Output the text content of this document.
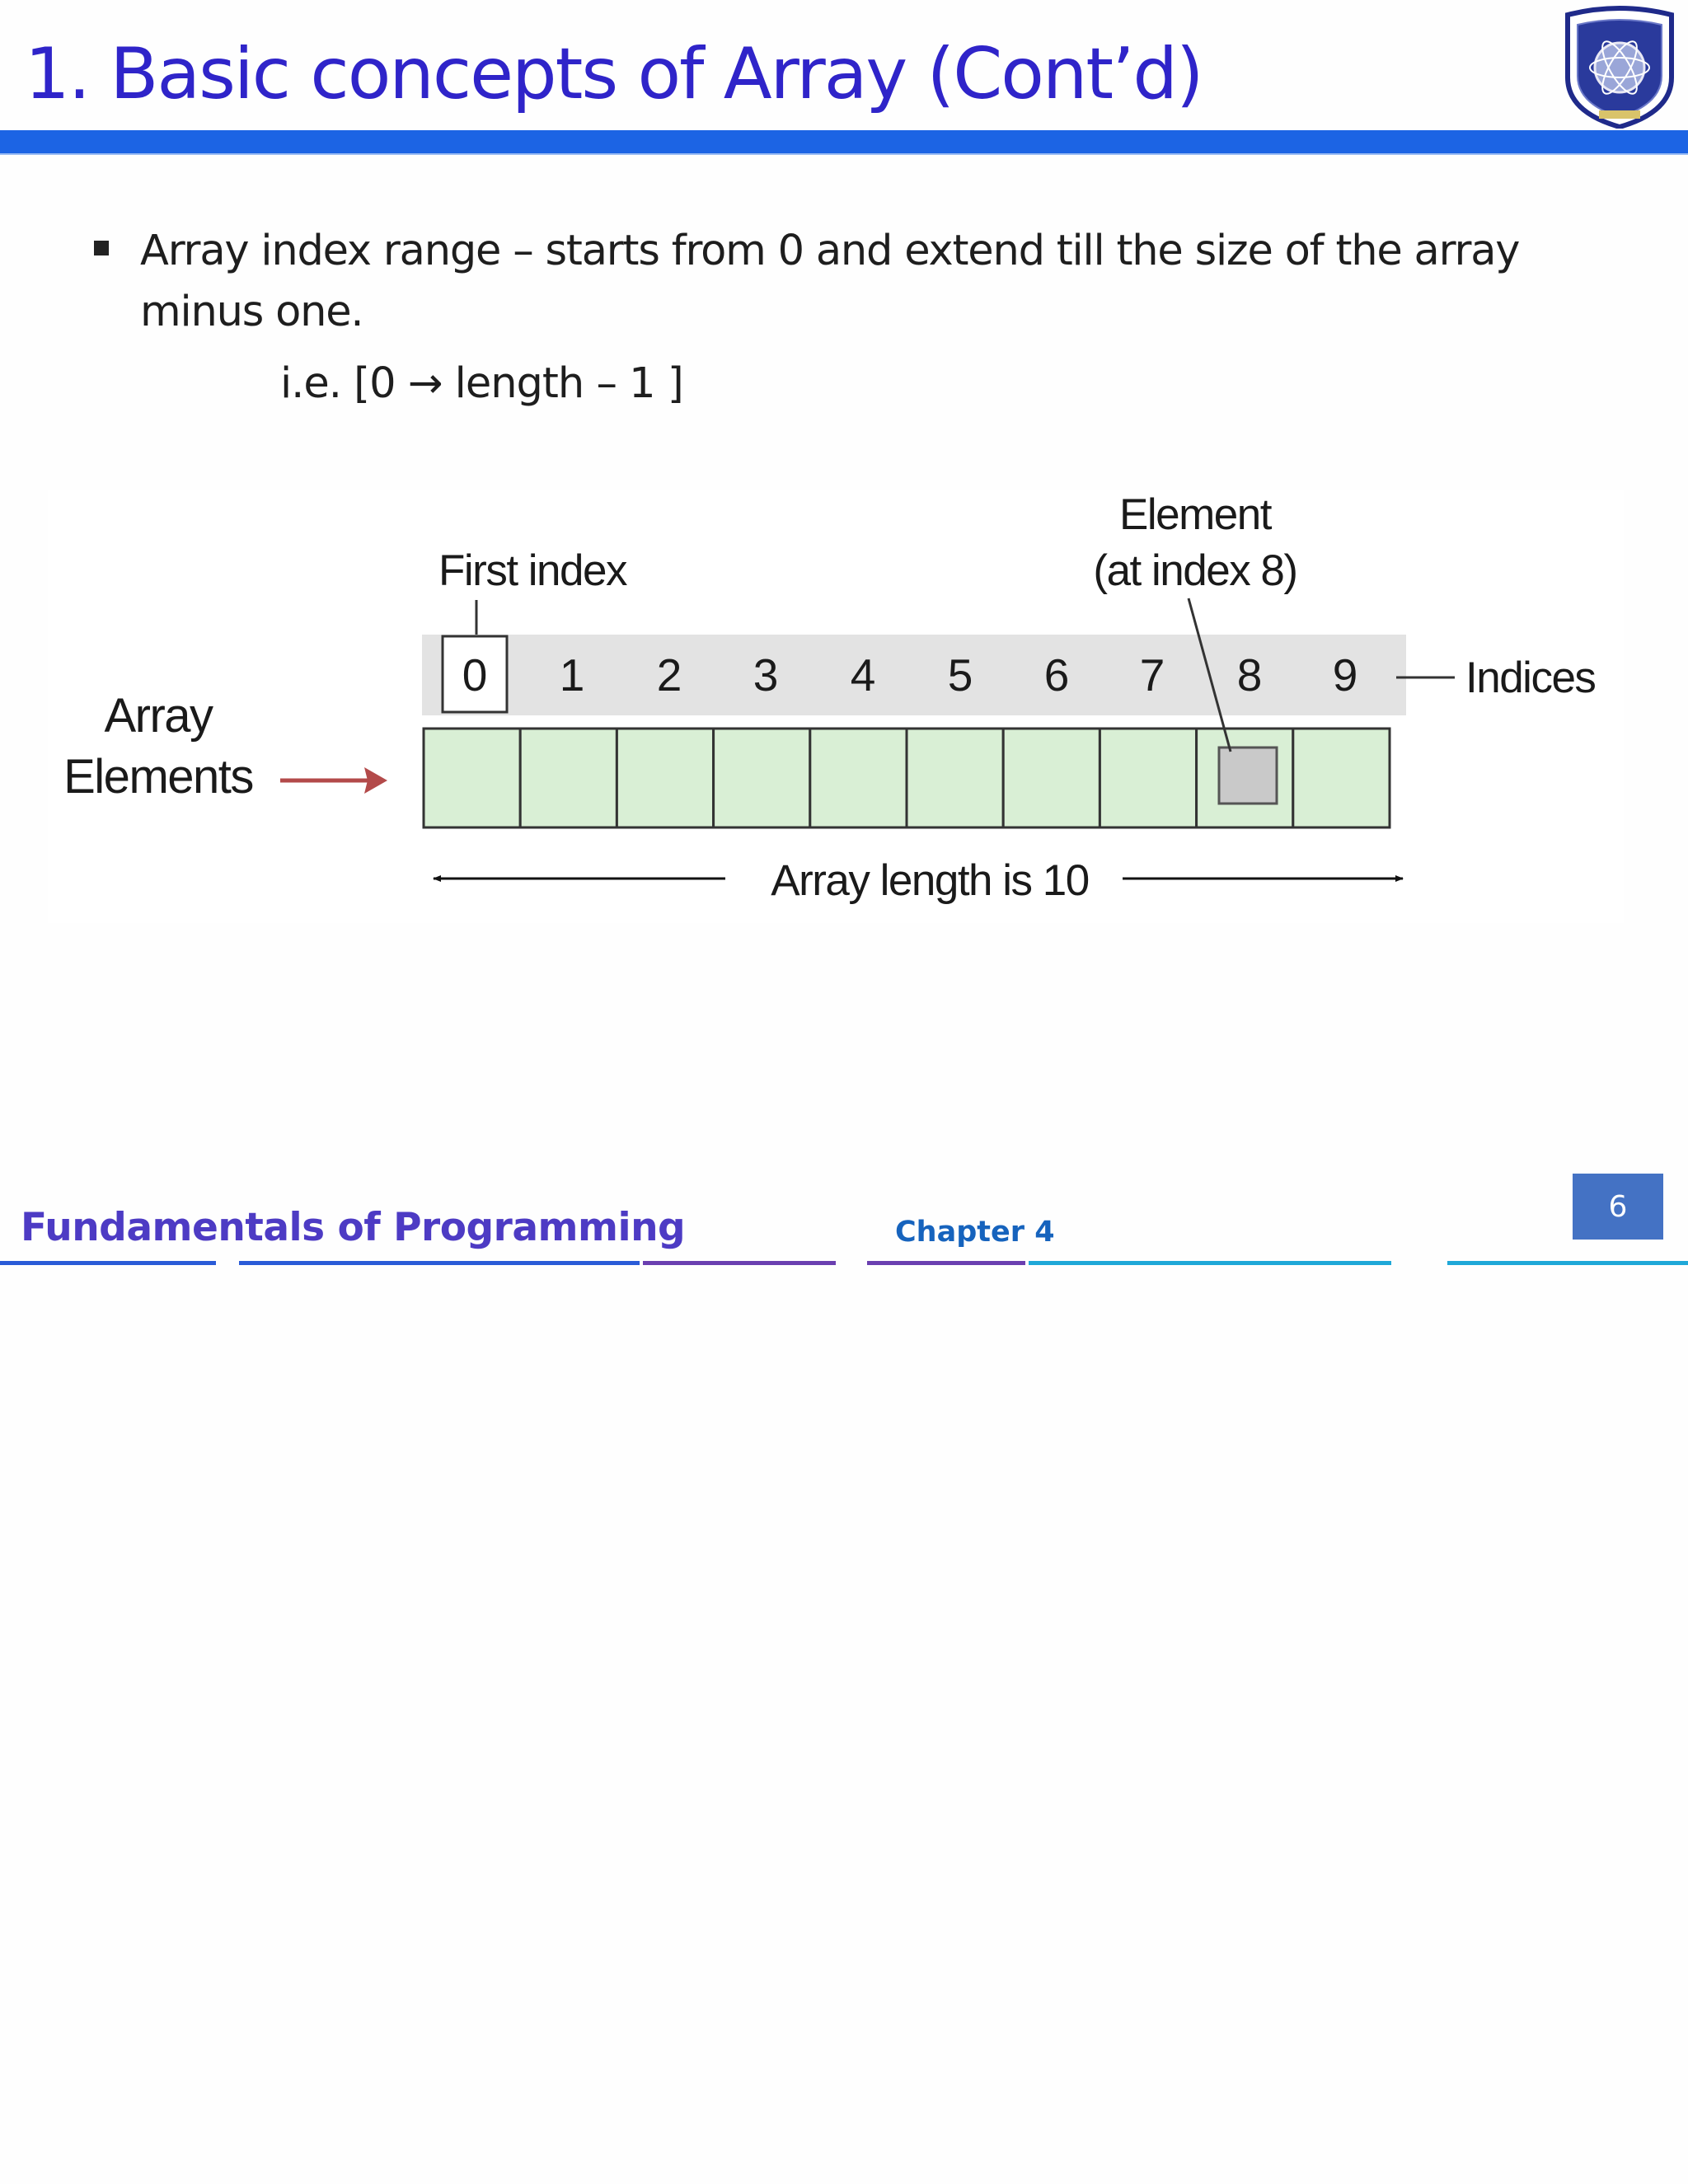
1. Basic concepts of Array (Cont’d)

Array index range – starts from 0 and extend till the size of the array minus one.

i.e. [0 → length – 1 ]

0 1 2 3 4 5 6 7 8 9
First index
Element
(at index 8)
Indices
Array
Elements
Array length is 10

Fundamentals of Programming	Chapter 4

6
